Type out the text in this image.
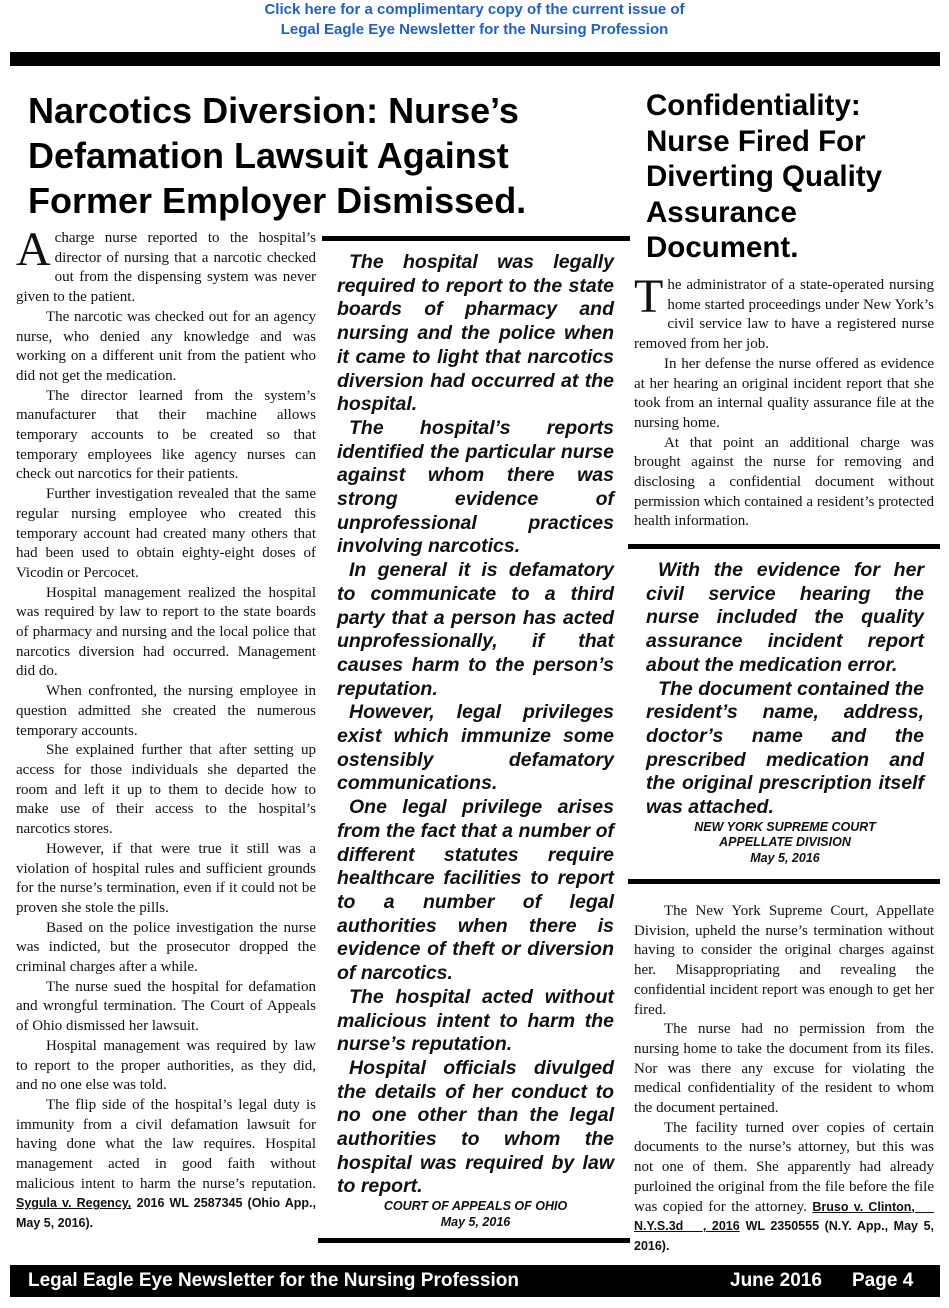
Click here for a complimentary copy of the current issue of
Legal Eagle Eye Newsletter for the Nursing Profession
Narcotics Diversion: Nurse’s Defamation Lawsuit Against Former Employer Dismissed.
Confidentiality: Nurse Fired For Diverting Quality Assurance Document.

Acharge nurse reported to the hospital’s director of nursing that a narcotic checked out from the dispensing system was never given to the patient.

The narcotic was checked out for an agency nurse, who denied any knowledge and was working on a different unit from the patient who did not get the medication.

The director learned from the system’s manufacturer that their machine allows temporary accounts to be created so that temporary employees like agency nurses can check out narcotics for their patients.

Further investigation revealed that the same regular nursing employee who created this temporary account had created many others that had been used to obtain eighty-eight doses of Vicodin or Percocet.

Hospital management realized the hospital was required by law to report to the state boards of pharmacy and nursing and the local police that narcotics diversion had occurred. Management did do.

When confronted, the nursing employee in question admitted she created the numerous temporary accounts.

She explained further that after setting up access for those individuals she departed the room and left it up to them to decide how to make use of their access to the hospital’s narcotics stores.

However, if that were true it still was a violation of hospital rules and sufficient grounds for the nurse’s termination, even if it could not be proven she stole the pills.

Based on the police investigation the nurse was indicted, but the prosecutor dropped the criminal charges after a while.

The nurse sued the hospital for defamation and wrongful termination. The Court of Appeals of Ohio dismissed her lawsuit.

Hospital management was required by law to report to the proper authorities, as they did, and no one else was told.

The flip side of the hospital’s legal duty is immunity from a civil defamation lawsuit for having done what the law requires. Hospital management acted in good faith without malicious intent to harm the nurse’s reputation. Sygula v. Regency, 2016 WL 2587345 (Ohio App., May 5, 2016).

The hospital was legally required to report to the state boards of pharmacy and nursing and the police when it came to light that narcotics diversion had occurred at the hospital.

The hospital’s reports identified the particular nurse against whom there was strong evidence of unprofessional practices involving narcotics.

In general it is defamatory to communicate to a third party that a person has acted unprofessionally, if that causes harm to the person’s reputation.

However, legal privileges exist which immunize some ostensibly defamatory communications.

One legal privilege arises from the fact that a number of different statutes require healthcare facilities to report to a number of legal authorities when there is evidence of theft or diversion of narcotics.

The hospital acted without malicious intent to harm the nurse’s reputation.

Hospital officials divulged the details of her conduct to no one other than the legal authorities to whom the hospital was required by law to report.

COURT OF APPEALS OF OHIO
May 5, 2016

The administrator of a state-operated nursing home started proceedings under New York’s civil service law to have a registered nurse removed from her job.

In her defense the nurse offered as evidence at her hearing an original incident report that she took from an internal quality assurance file at the nursing home.

At that point an additional charge was brought against the nurse for removing and disclosing a confidential document without permission which contained a resident’s protected health information.

With the evidence for her civil service hearing the nurse included the quality assurance incident report about the medication error.

The document contained the resident’s name, address, doctor’s name and the prescribed medication and the original prescription itself was attached.

NEW YORK SUPREME COURT
APPELLATE DIVISION
May 5, 2016

The New York Supreme Court, Appellate Division, upheld the nurse’s termination without having to consider the original charges against her. Misappropriating and revealing the confidential incident report was enough to get her fired.

The nurse had no permission from the nursing home to take the document from its files. Nor was there any excuse for violating the medical confidentiality of the resident to whom the document pertained.

The facility turned over copies of certain documents to the nurse’s attorney, but this was not one of them. She apparently had already purloined the original from the file before the file was copied for the attorney. Bruso v. Clinton, __ N.Y.S.3d __, 2016 WL 2350555 (N.Y. App., May 5, 2016).

Legal Eagle Eye Newsletter for the Nursing Profession	June 2016 Page 4
